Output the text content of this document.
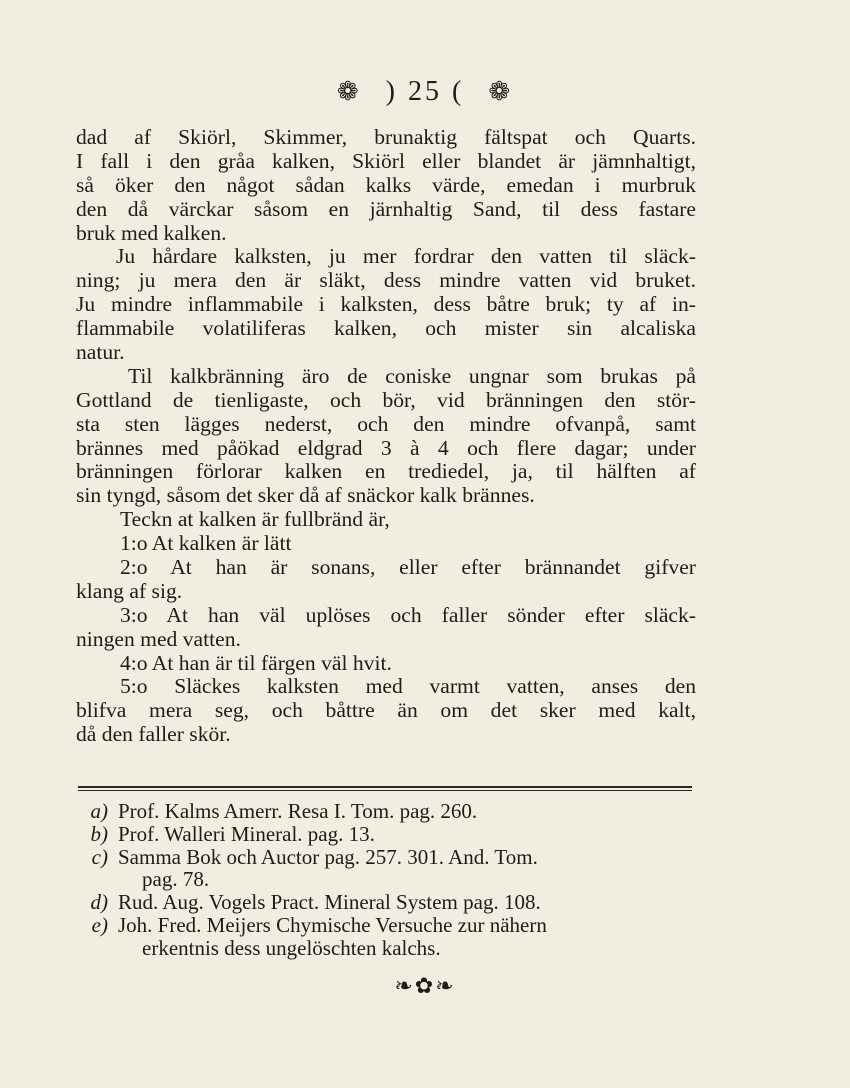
❁ ) 25 ( ❁
dad af Skiörl, Skimmer, brunaktig fältspat och Quarts.
I fall i den gråa kalken, Skiörl eller blandet är jämnhaltigt,
så öker den något sådan kalks värde, emedan i murbruk
den då värckar såsom en järnhaltig Sand, til dess fastare
bruk med kalken.
Ju hårdare kalksten, ju mer fordrar den vatten til släck-
ning; ju mera den är släkt, dess mindre vatten vid bruket.
Ju mindre inflammabile i kalksten, dess båtre bruk; ty af in-
flammabile volatiliferas kalken, och mister sin alcaliska
natur.
Til kalkbränning äro de coniske ungnar som brukas på
Gottland de tienligaste, och bör, vid bränningen den stör-
sta sten lägges nederst, och den mindre ofvanpå, samt
brännes med påökad eldgrad 3 à 4 och flere dagar; under
bränningen förlorar kalken en trediedel, ja, til hälften af
sin tyngd, såsom det sker då af snäckor kalk brännes.
Teckn at kalken är fullbränd är,
1:o At kalken är lätt
2:o At han är sonans, eller efter brännandet gifver
klang af sig.
3:o At han väl uplöses och faller sönder efter släck-
ningen med vatten.
4:o At han är til färgen väl hvit.
5:o Släckes kalksten med varmt vatten, anses den
blifva mera seg, och båttre än om det sker med kalt,
då den faller skör.
a) Prof. Kalms Amerr. Resa I. Tom. pag. 260.
b) Prof. Walleri Mineral. pag. 13.
c) Samma Bok och Auctor pag. 257. 301. And. Tom.
pag. 78.
d) Rud. Aug. Vogels Pract. Mineral System pag. 108.
e) Joh. Fred. Meijers Chymische Versuche zur nähern
erkentnis dess ungelöschten kalchs.
❧✿❧
